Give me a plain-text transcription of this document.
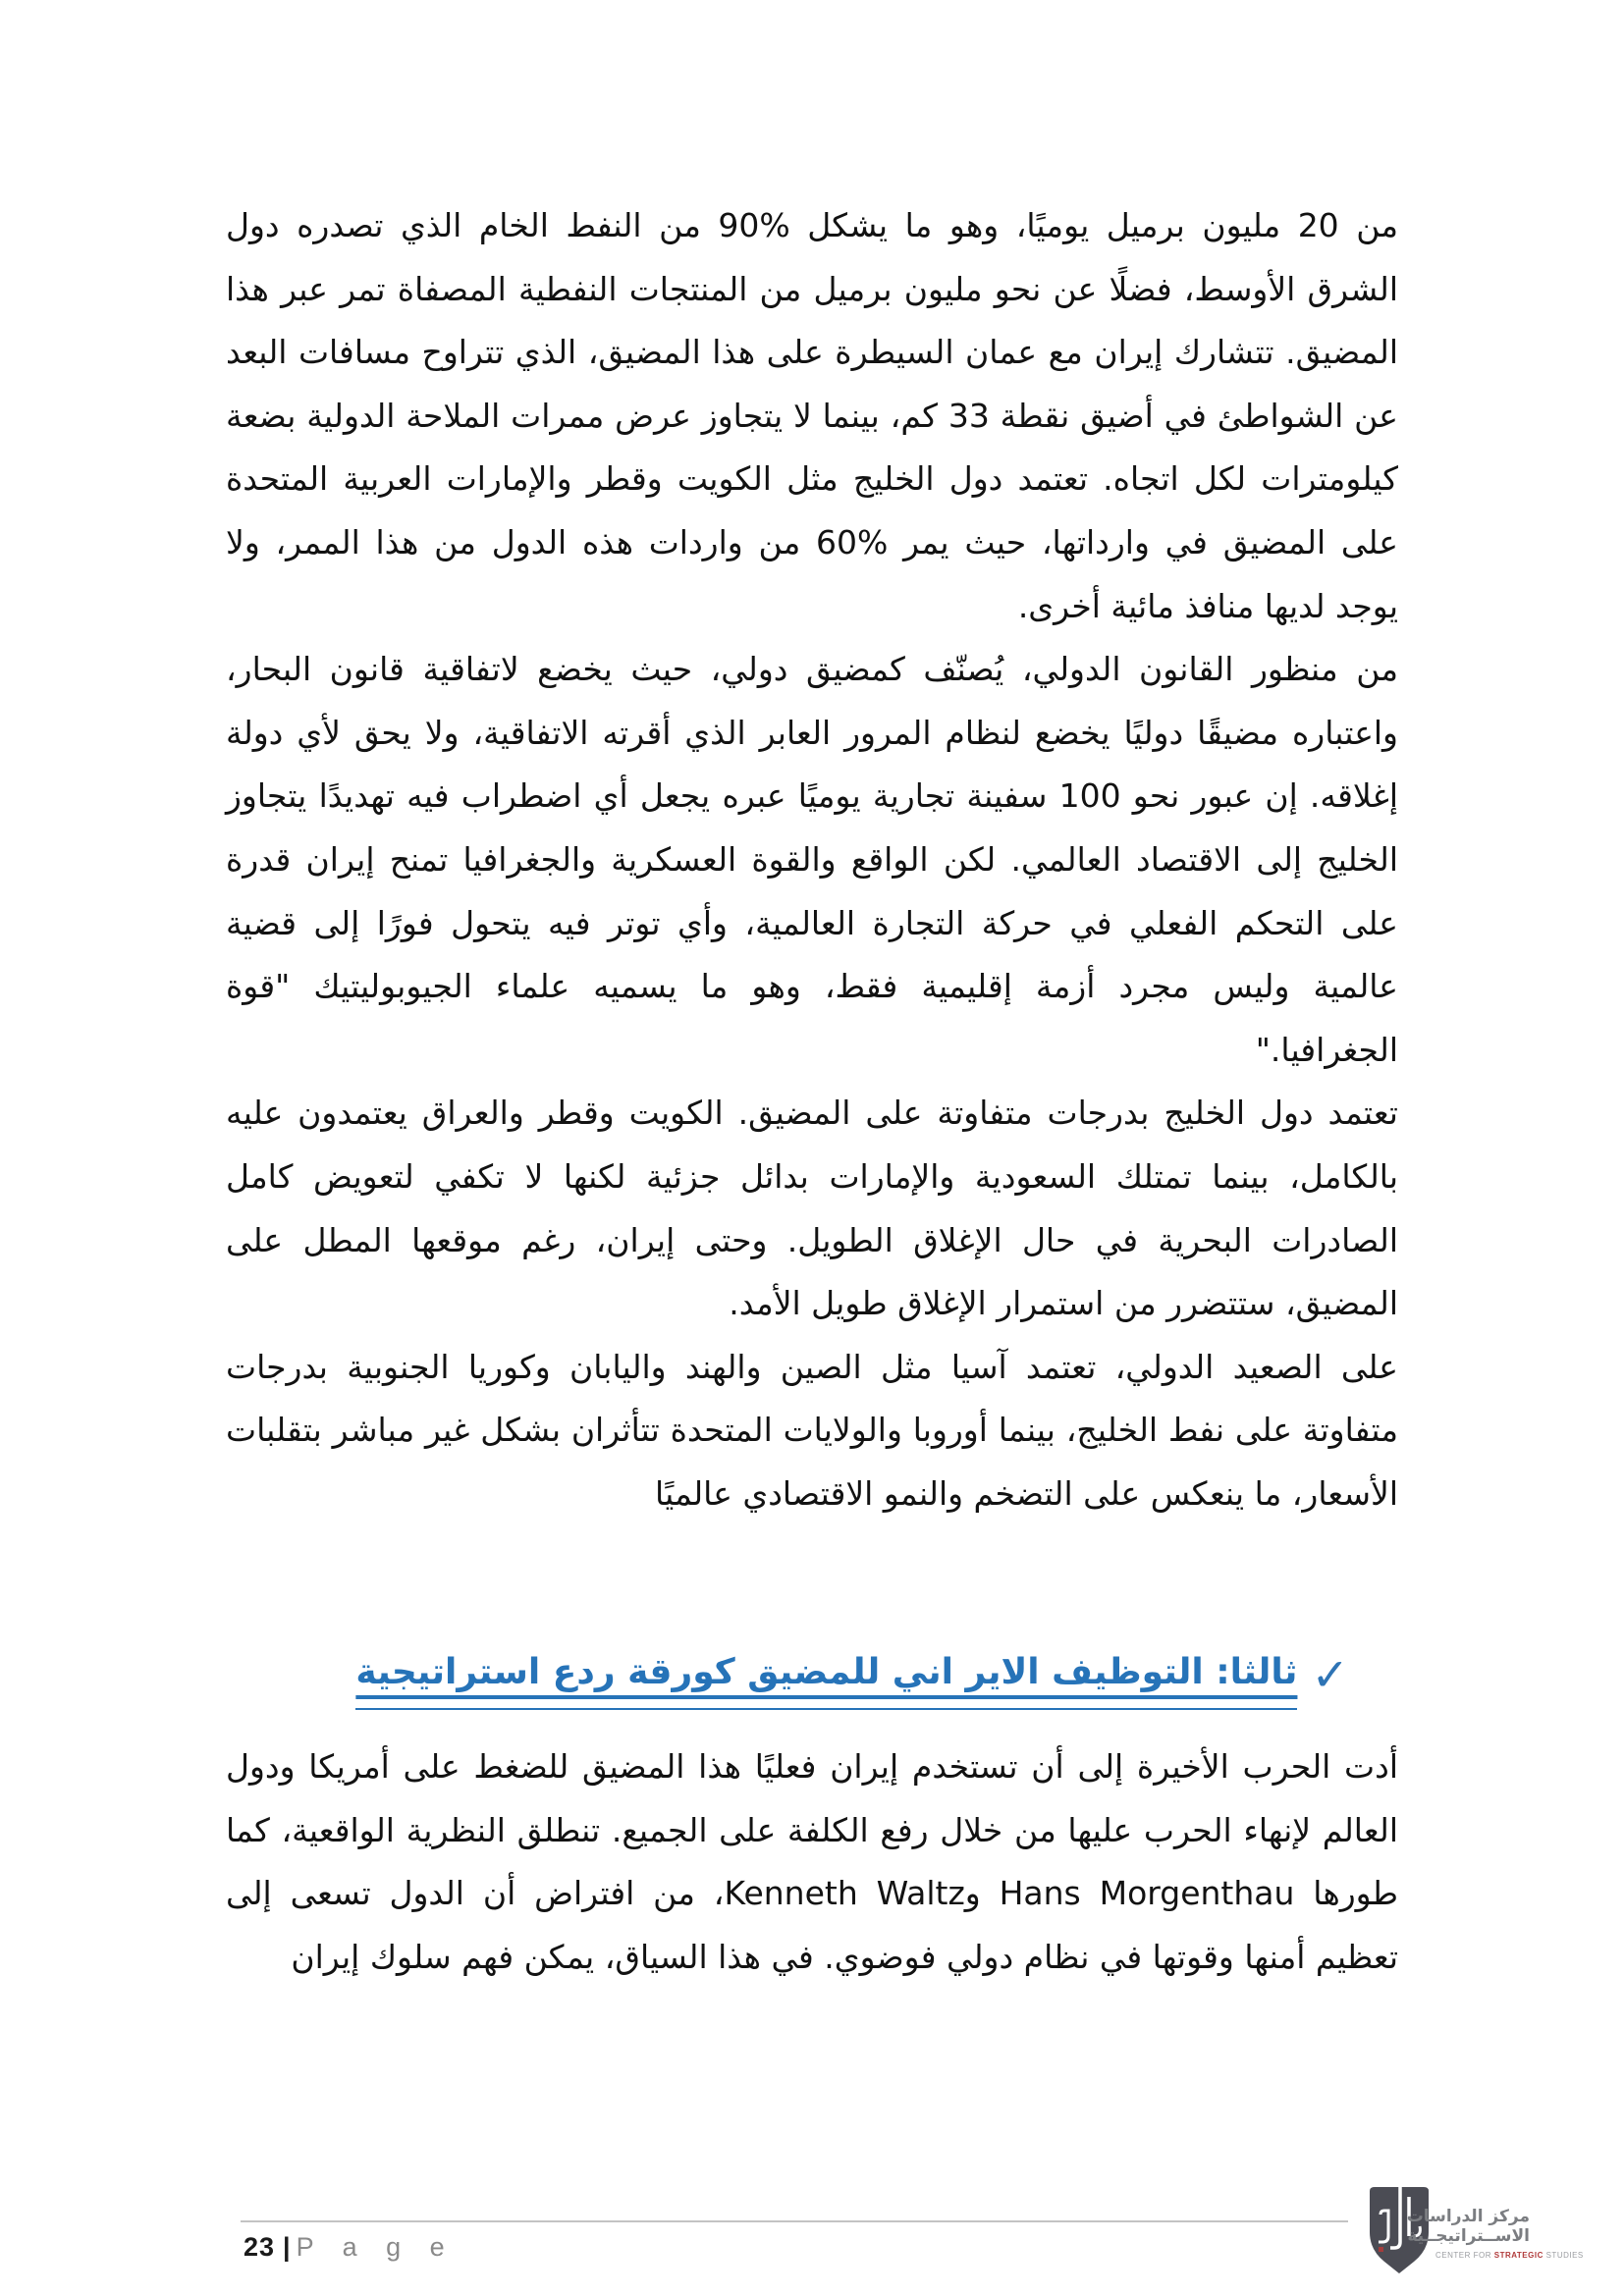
من 20 مليون برميل يوميًا، وهو ما يشكل %90 من النفط الخام الذي تصدره دول الشرق الأوسط، فضلًا عن نحو مليون برميل من المنتجات النفطية المصفاة تمر عبر هذا المضيق. تتشارك إيران مع عمان السيطرة على هذا المضيق، الذي تتراوح مسافات البعد عن الشواطئ في أضيق نقطة 33 كم، بينما لا يتجاوز عرض ممرات الملاحة الدولية بضعة كيلومترات لكل اتجاه. تعتمد دول الخليج مثل الكويت وقطر والإمارات العربية المتحدة على المضيق في وارداتها، حيث يمر %60 من واردات هذه الدول من هذا الممر، ولا يوجد لديها منافذ مائية أخرى.

من منظور القانون الدولي، يُصنّف كمضيق دولي، حيث يخضع لاتفاقية قانون البحار، واعتباره مضيقًا دوليًا يخضع لنظام المرور العابر الذي أقرته الاتفاقية، ولا يحق لأي دولة إغلاقه. إن عبور نحو 100 سفينة تجارية يوميًا عبره يجعل أي اضطراب فيه تهديدًا يتجاوز الخليج إلى الاقتصاد العالمي. لكن الواقع والقوة العسكرية والجغرافيا تمنح إيران قدرة على التحكم الفعلي في حركة التجارة العالمية، وأي توتر فيه يتحول فورًا إلى قضية عالمية وليس مجرد أزمة إقليمية فقط، وهو ما يسميه علماء الجيوبوليتيك "قوة الجغرافيا."

تعتمد دول الخليج بدرجات متفاوتة على المضيق. الكويت وقطر والعراق يعتمدون عليه بالكامل، بينما تمتلك السعودية والإمارات بدائل جزئية لكنها لا تكفي لتعويض كامل الصادرات البحرية في حال الإغلاق الطويل. وحتى إيران، رغم موقعها المطل على المضيق، ستتضرر من استمرار الإغلاق طويل الأمد.

على الصعيد الدولي، تعتمد آسيا مثل الصين والهند واليابان وكوريا الجنوبية بدرجات متفاوتة على نفط الخليج، بينما أوروبا والولايات المتحدة تتأثران بشكل غير مباشر بتقلبات الأسعار، ما ينعكس على التضخم والنمو الاقتصادي عالميًا

✓ثالثا: التوظيف الاير اني للمضيق كورقة ردع استراتيجية

أدت الحرب الأخيرة إلى أن تستخدم إيران فعليًا هذا المضيق للضغط على أمريكا ودول العالم لإنهاء الحرب عليها من خلال رفع الكلفة على الجميع. تنطلق النظرية الواقعية، كما طورها Hans Morgenthau وKenneth Waltz، من افتراض أن الدول تسعى إلى تعظيم أمنها وقوتها في نظام دولي فوضوي. في هذا السياق، يمكن فهم سلوك إيران

23 | P a g e
مركز الدراسات
الاســتراتيجــية
CENTER FOR STRATEGIC STUDIES
